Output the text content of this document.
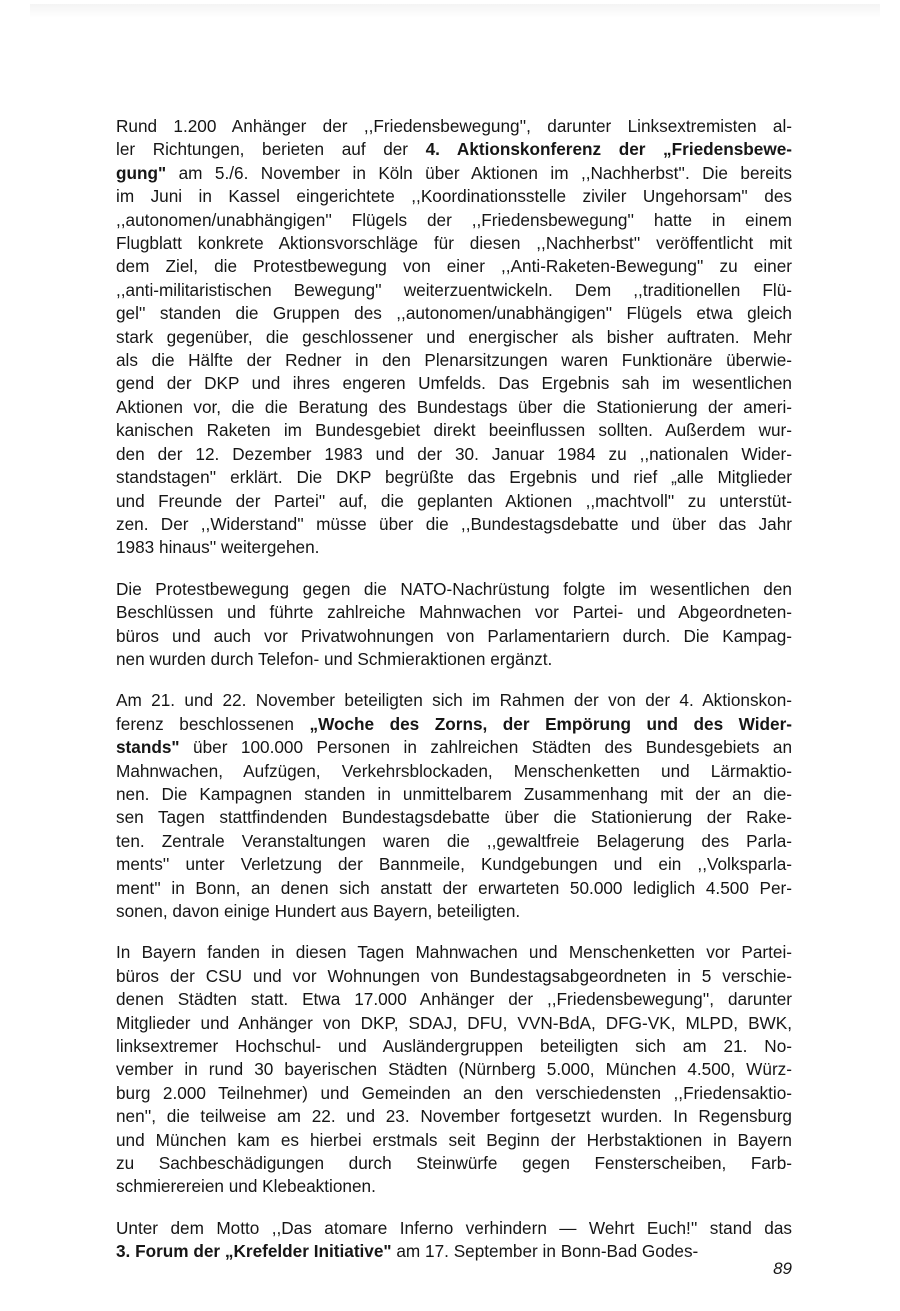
Rund 1.200 Anhänger der ,,Friedensbewegung'', darunter Linksextremisten al-
ler Richtungen, berieten auf der 4. Aktionskonferenz der „Friedensbewe-
gung" am 5./6. November in Köln über Aktionen im ,,Nachherbst''. Die bereits
im Juni in Kassel eingerichtete ,,Koordinationsstelle ziviler Ungehorsam'' des
,,autonomen/unabhängigen'' Flügels der ,,Friedensbewegung'' hatte in einem
Flugblatt konkrete Aktionsvorschläge für diesen ,,Nachherbst'' veröffentlicht mit
dem Ziel, die Protestbewegung von einer ,,Anti-Raketen-Bewegung'' zu einer
,,anti-militaristischen Bewegung'' weiterzuentwickeln. Dem ,,traditionellen Flü-
gel'' standen die Gruppen des ,,autonomen/unabhängigen'' Flügels etwa gleich
stark gegenüber, die geschlossener und energischer als bisher auftraten. Mehr
als die Hälfte der Redner in den Plenarsitzungen waren Funktionäre überwie-
gend der DKP und ihres engeren Umfelds. Das Ergebnis sah im wesentlichen
Aktionen vor, die die Beratung des Bundestags über die Stationierung der ameri-
kanischen Raketen im Bundesgebiet direkt beeinflussen sollten. Außerdem wur-
den der 12. Dezember 1983 und der 30. Januar 1984 zu ,,nationalen Wider-
standstagen'' erklärt. Die DKP begrüßte das Ergebnis und rief „alle Mitglieder
und Freunde der Partei'' auf, die geplanten Aktionen ,,machtvoll'' zu unterstüt-
zen. Der ,,Widerstand'' müsse über die ,,Bundestagsdebatte und über das Jahr
1983 hinaus'' weitergehen.
Die Protestbewegung gegen die NATO-Nachrüstung folgte im wesentlichen den
Beschlüssen und führte zahlreiche Mahnwachen vor Partei- und Abgeordneten-
büros und auch vor Privatwohnungen von Parlamentariern durch. Die Kampag-
nen wurden durch Telefon- und Schmieraktionen ergänzt.
Am 21. und 22. November beteiligten sich im Rahmen der von der 4. Aktionskon-
ferenz beschlossenen „Woche des Zorns, der Empörung und des Wider-
stands" über 100.000 Personen in zahlreichen Städten des Bundesgebiets an
Mahnwachen, Aufzügen, Verkehrsblockaden, Menschenketten und Lärmaktio-
nen. Die Kampagnen standen in unmittelbarem Zusammenhang mit der an die-
sen Tagen stattfindenden Bundestagsdebatte über die Stationierung der Rake-
ten. Zentrale Veranstaltungen waren die ,,gewaltfreie Belagerung des Parla-
ments'' unter Verletzung der Bannmeile, Kundgebungen und ein ,,Volksparla-
ment'' in Bonn, an denen sich anstatt der erwarteten 50.000 lediglich 4.500 Per-
sonen, davon einige Hundert aus Bayern, beteiligten.
In Bayern fanden in diesen Tagen Mahnwachen und Menschenketten vor Partei-
büros der CSU und vor Wohnungen von Bundestagsabgeordneten in 5 verschie-
denen Städten statt. Etwa 17.000 Anhänger der ,,Friedensbewegung'', darunter
Mitglieder und Anhänger von DKP, SDAJ, DFU, VVN-BdA, DFG-VK, MLPD, BWK,
linksextremer Hochschul- und Ausländergruppen beteiligten sich am 21. No-
vember in rund 30 bayerischen Städten (Nürnberg 5.000, München 4.500, Würz-
burg 2.000 Teilnehmer) und Gemeinden an den verschiedensten ,,Friedensaktio-
nen'', die teilweise am 22. und 23. November fortgesetzt wurden. In Regensburg
und München kam es hierbei erstmals seit Beginn der Herbstaktionen in Bayern
zu Sachbeschädigungen durch Steinwürfe gegen Fensterscheiben, Farb-
schmierereien und Klebeaktionen.
Unter dem Motto ,,Das atomare Inferno verhindern — Wehrt Euch!'' stand das
3. Forum der „Krefelder Initiative" am 17. September in Bonn-Bad Godes-
89
